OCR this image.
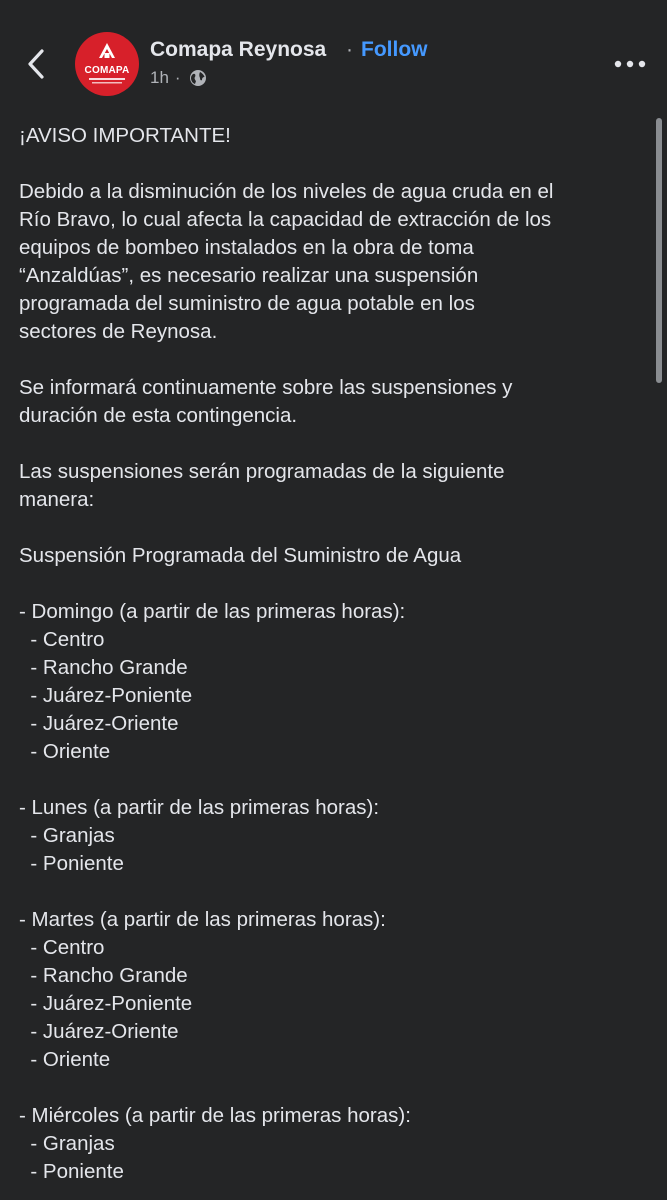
COMAPA
Comapa Reynosa · Follow
1h ·

¡AVISO IMPORTANTE!

Debido a la disminución de los niveles de agua cruda en el

Río Bravo, lo cual afecta la capacidad de extracción de los

equipos de bombeo instalados en la obra de toma

“Anzaldúas”, es necesario realizar una suspensión

programada del suministro de agua potable en los

sectores de Reynosa.

Se informará continuamente sobre las suspensiones y

duración de esta contingencia.

Las suspensiones serán programadas de la siguiente

manera:

Suspensión Programada del Suministro de Agua

- Domingo (a partir de las primeras horas):

- Centro

- Rancho Grande

- Juárez-Poniente

- Juárez-Oriente

- Oriente

- Lunes (a partir de las primeras horas):

- Granjas

- Poniente

- Martes (a partir de las primeras horas):

- Centro

- Rancho Grande

- Juárez-Poniente

- Juárez-Oriente

- Oriente

- Miércoles (a partir de las primeras horas):

- Granjas

- Poniente
